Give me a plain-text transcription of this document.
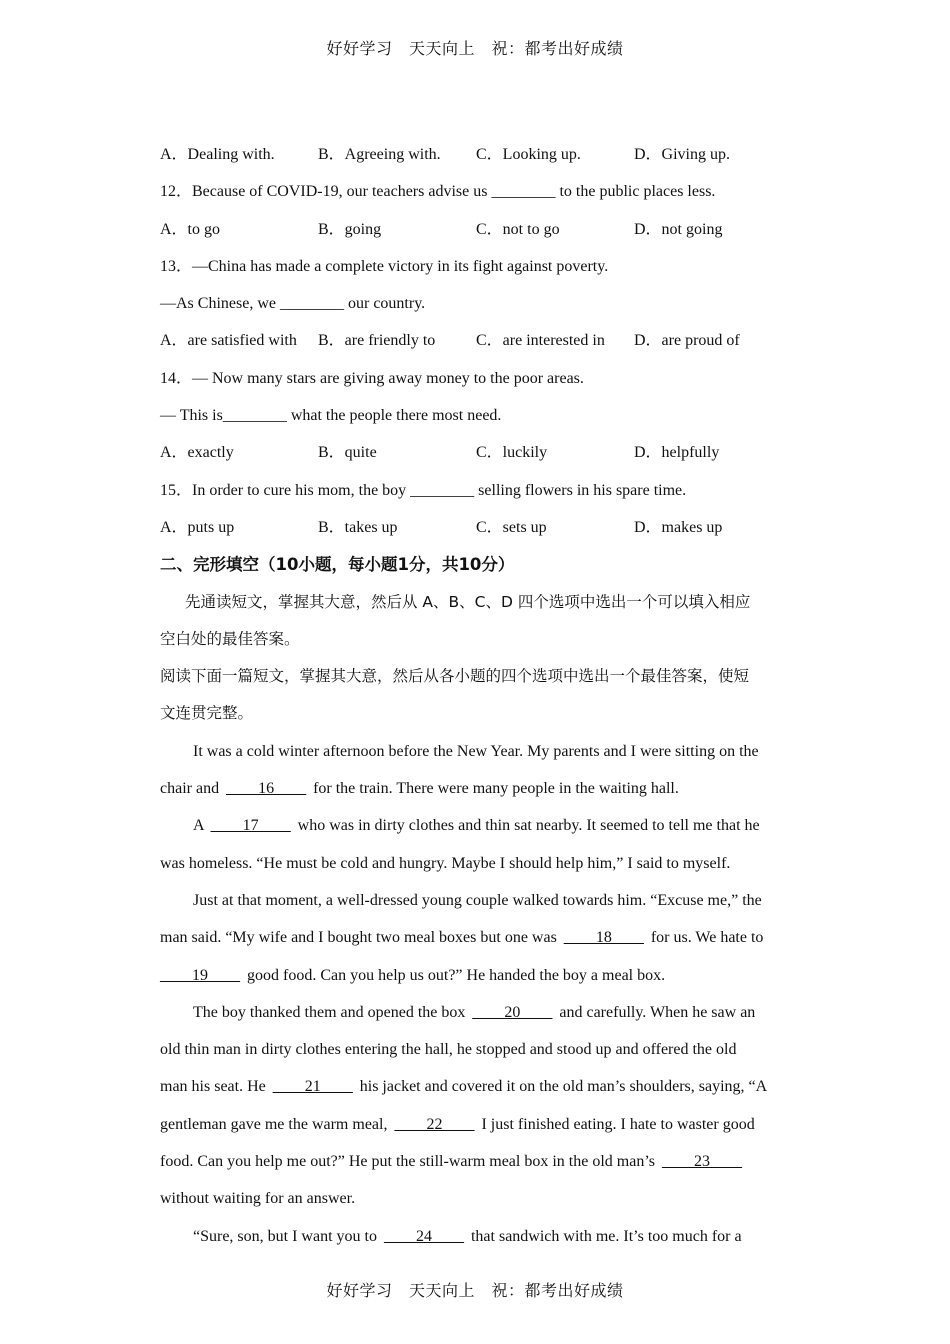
好好学习　天天向上　祝：都考出好成绩
A．Dealing with.	B．Agreeing with.	C．Looking up.	D．Giving up.
12．Because of COVID-19, our teachers advise us ________ to the public places less.
A．to go	B．going	C．not to go	D．not going
13．—China has made a complete victory in its fight against poverty.
—As Chinese, we ________ our country.
A．are satisfied with	B．are friendly to	C．are interested in	D．are proud of
14．— Now many stars are giving away money to the poor areas.
— This is________ what the people there most need.
A．exactly	B．quite	C．luckily	D．helpfully
15．In order to cure his mom, the boy ________ selling flowers in his spare time.
A．puts up	B．takes up	C．sets up	D．makes up
二、完形填空（10小题，每小题1分，共10分）
先通读短文，掌握其大意，然后从 A、B、C、D 四个选项中选出一个可以填入相应
空白处的最佳答案。
阅读下面一篇短文，掌握其大意，然后从各小题的四个选项中选出一个最佳答案，使短
文连贯完整。
It was a cold winter afternoon before the New Year. My parents and I were sitting on the
chair and ____16____ for the train. There were many people in the waiting hall.
A ____17____ who was in dirty clothes and thin sat nearby. It seemed to tell me that he
was homeless. “He must be cold and hungry. Maybe I should help him,” I said to myself.
Just at that moment, a well-dressed young couple walked towards him. “Excuse me,” the
man said. “My wife and I bought two meal boxes but one was ____18____ for us. We hate to
____19____ good food. Can you help us out?” He handed the boy a meal box.
The boy thanked them and opened the box ____20____ and carefully. When he saw an
old thin man in dirty clothes entering the hall, he stopped and stood up and offered the old
man his seat. He ____21____ his jacket and covered it on the old man’s shoulders, saying, “A
gentleman gave me the warm meal, ____22____ I just finished eating. I hate to waster good
food. Can you help me out?” He put the still-warm meal box in the old man’s ____23____
without waiting for an answer.
“Sure, son, but I want you to ____24____ that sandwich with me. It’s too much for a
好好学习　天天向上　祝：都考出好成绩
